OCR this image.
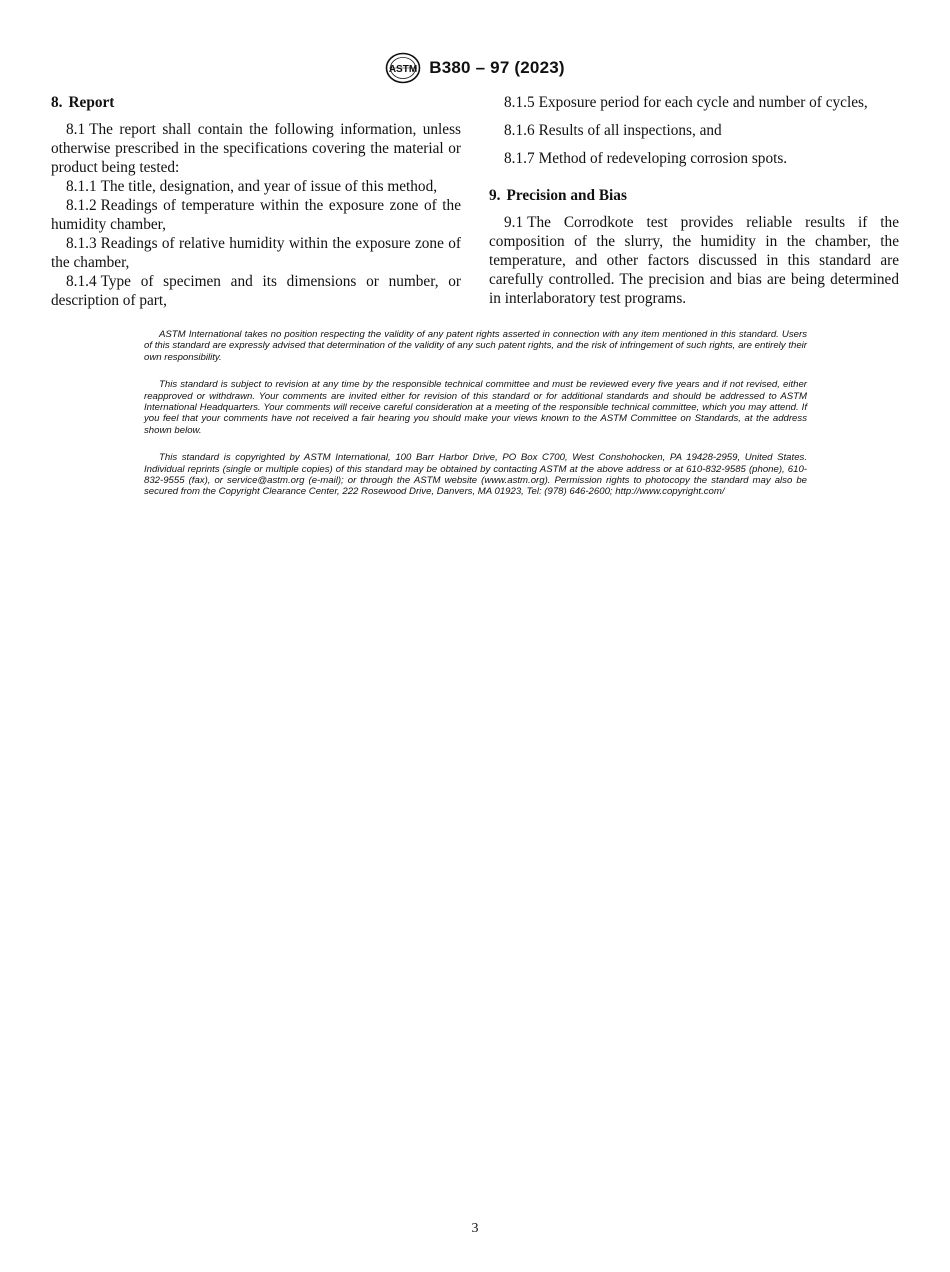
ASTM B380 – 97 (2023)

8. Report

8.1 The report shall contain the following information, unless otherwise prescribed in the specifications covering the material or product being tested:

8.1.1 The title, designation, and year of issue of this method,

8.1.2 Readings of temperature within the exposure zone of the humidity chamber,

8.1.3 Readings of relative humidity within the exposure zone of the chamber,

8.1.4 Type of specimen and its dimensions or number, or description of part,

8.1.5 Exposure period for each cycle and number of cycles,

8.1.6 Results of all inspections, and

8.1.7 Method of redeveloping corrosion spots.

9. Precision and Bias

9.1 The Corrodkote test provides reliable results if the composition of the slurry, the humidity in the chamber, the temperature, and other factors discussed in this standard are carefully controlled. The precision and bias are being determined in interlaboratory test programs.

ASTM International takes no position respecting the validity of any patent rights asserted in connection with any item mentioned in this standard. Users of this standard are expressly advised that determination of the validity of any such patent rights, and the risk of infringement of such rights, are entirely their own responsibility.

This standard is subject to revision at any time by the responsible technical committee and must be reviewed every five years and if not revised, either reapproved or withdrawn. Your comments are invited either for revision of this standard or for additional standards and should be addressed to ASTM International Headquarters. Your comments will receive careful consideration at a meeting of the responsible technical committee, which you may attend. If you feel that your comments have not received a fair hearing you should make your views known to the ASTM Committee on Standards, at the address shown below.

This standard is copyrighted by ASTM International, 100 Barr Harbor Drive, PO Box C700, West Conshohocken, PA 19428-2959, United States. Individual reprints (single or multiple copies) of this standard may be obtained by contacting ASTM at the above address or at 610-832-9585 (phone), 610-832-9555 (fax), or service@astm.org (e-mail); or through the ASTM website (www.astm.org). Permission rights to photocopy the standard may also be secured from the Copyright Clearance Center, 222 Rosewood Drive, Danvers, MA 01923, Tel: (978) 646-2600; http://www.copyright.com/

3
